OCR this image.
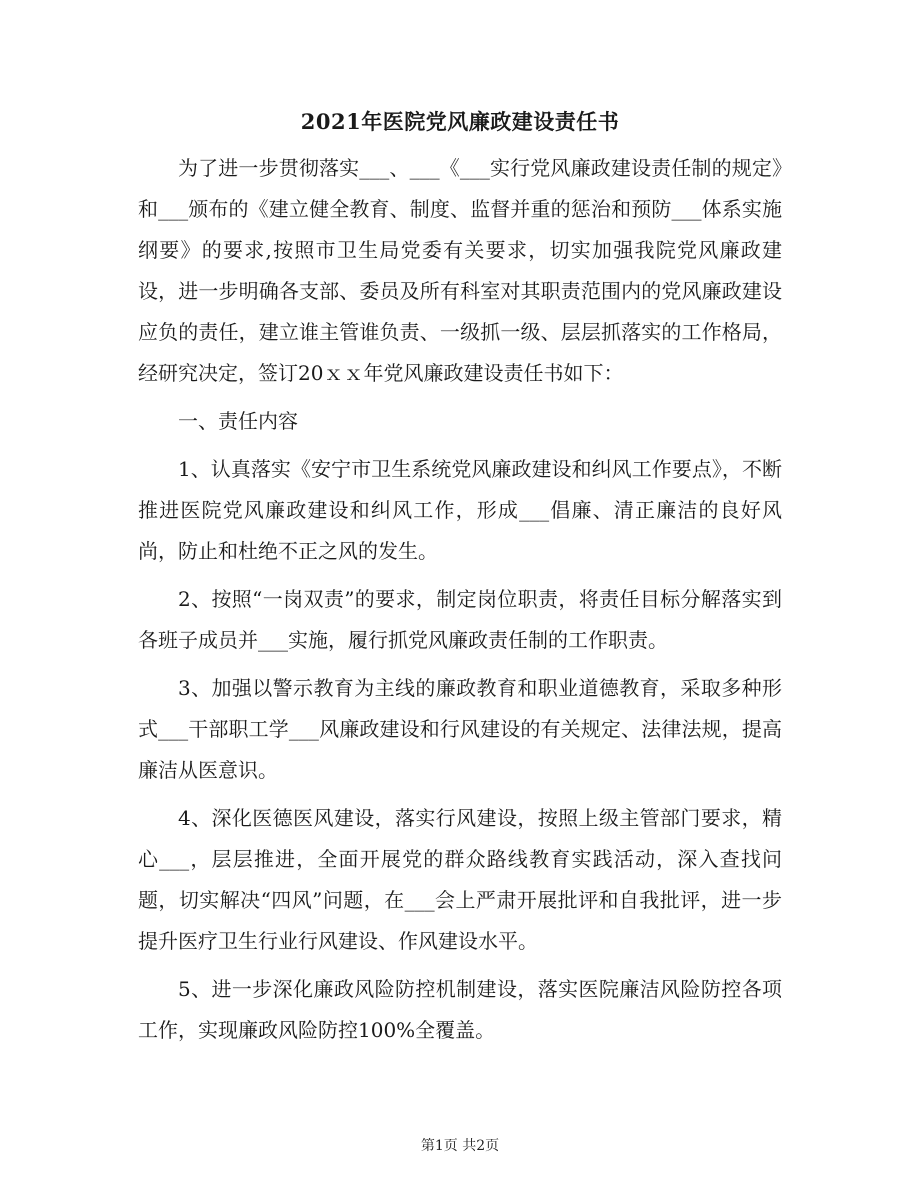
2021年医院党风廉政建设责任书

为了进一步贯彻落实___、___《___实行党风廉政建设责任制的规定》和___颁布的《建立健全教育、制度、监督并重的惩治和预防___体系实施纲要》的要求,按照市卫生局党委有关要求，切实加强我院党风廉政建设，进一步明确各支部、委员及所有科室对其职责范围内的党风廉政建设应负的责任，建立谁主管谁负责、一级抓一级、层层抓落实的工作格局，经研究决定，签订20ｘｘ年党风廉政建设责任书如下：

一、责任内容

1、认真落实《安宁市卫生系统党风廉政建设和纠风工作要点》，不断推进医院党风廉政建设和纠风工作，形成___倡廉、清正廉洁的良好风尚，防止和杜绝不正之风的发生。

2、按照“一岗双责”的要求，制定岗位职责，将责任目标分解落实到各班子成员并___实施，履行抓党风廉政责任制的工作职责。

3、加强以警示教育为主线的廉政教育和职业道德教育，采取多种形式___干部职工学___风廉政建设和行风建设的有关规定、法律法规，提高廉洁从医意识。

4、深化医德医风建设，落实行风建设，按照上级主管部门要求，精心___，层层推进，全面开展党的群众路线教育实践活动，深入查找问题，切实解决“四风”问题，在___会上严肃开展批评和自我批评，进一步提升医疗卫生行业行风建设、作风建设水平。

5、进一步深化廉政风险防控机制建设，落实医院廉洁风险防控各项工作，实现廉政风险防控100%全覆盖。

第1页 共2页
